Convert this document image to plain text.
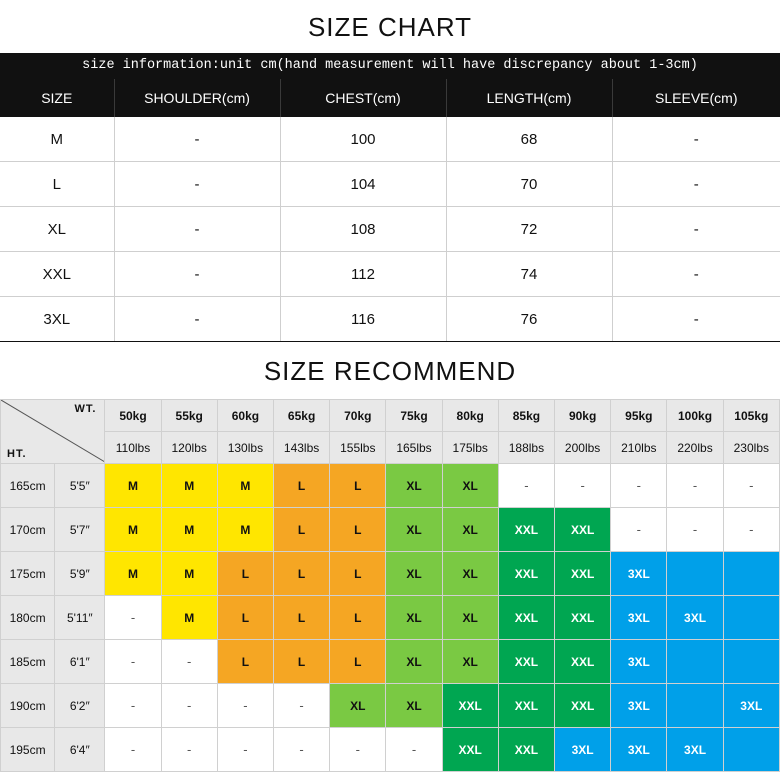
SIZE CHART
size information:unit cm(hand measurement will have discrepancy about 1-3cm)
SIZE	SHOULDER(cm)	CHEST(cm)	LENGTH(cm)	SLEEVE(cm)
M	-	100	68	-
L	-	104	70	-
XL	-	108	72	-
XXL	-	112	74	-
3XL	-	116	76	-
SIZE RECOMMEND
WT.
HT.		50kg	55kg	60kg	65kg	70kg	75kg	80kg	85kg	90kg	95kg	100kg	105kg
		110lbs	120lbs	130lbs	143lbs	155lbs	165lbs	175lbs	188lbs	200lbs	210lbs	220lbs	230lbs
165cm	5'5″	M	M	M	L	L	XL	XL	-	-	-	-	-
170cm	5'7″	M	M	M	L	L	XL	XL	XXL	XXL	-	-	-
175cm	5'9″	M	M	L	L	L	XL	XL	XXL	XXL	3XL		
180cm	5'11″	-	M	L	L	L	XL	XL	XXL	XXL	3XL	3XL	
185cm	6'1″	-	-	L	L	L	XL	XL	XXL	XXL	3XL		
190cm	6'2″	-	-	-	-	XL	XL	XXL	XXL	XXL	3XL		3XL
195cm	6'4″	-	-	-	-	-	-	XXL	XXL	3XL	3XL	3XL	
